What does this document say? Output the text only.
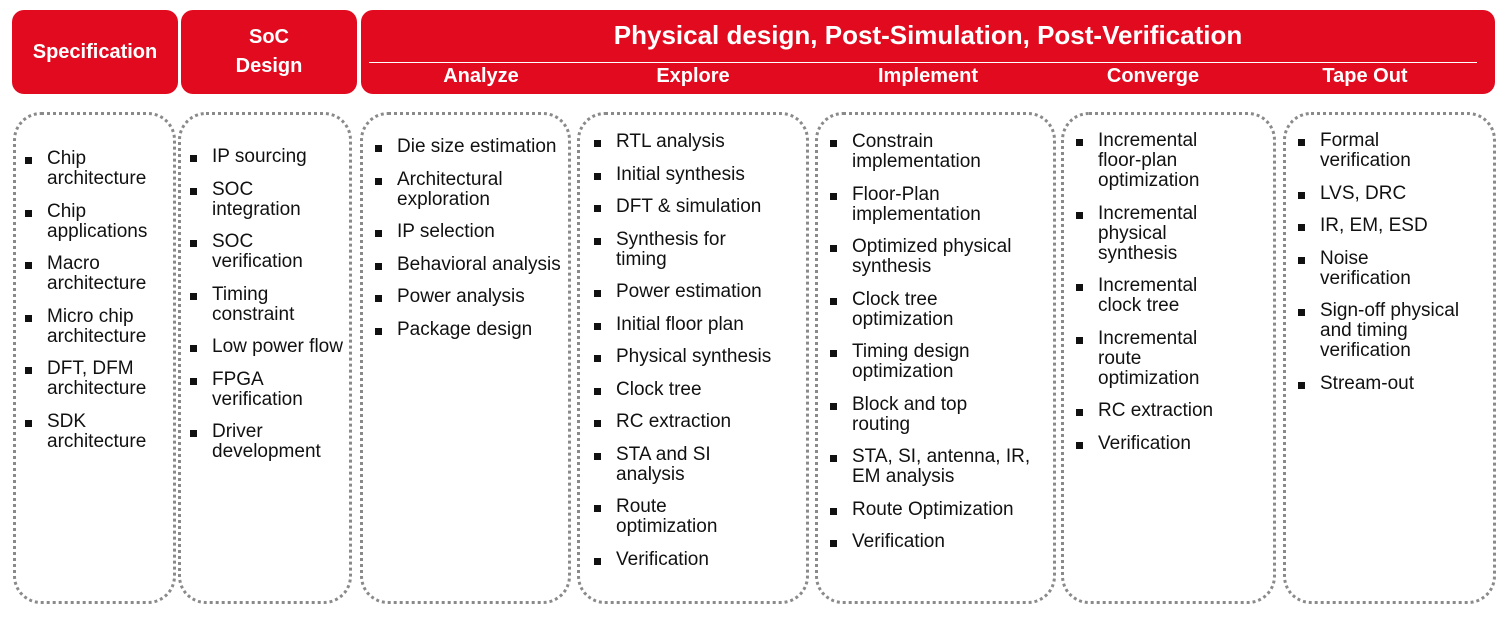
Specification
SoC
Design
Physical design, Post-Simulation, Post-Verification
Analyze	Explore	Implement	Converge	Tape Out
Chip architecture
Chip applications
Macro architecture
Micro chip architecture
DFT, DFM architecture
SDK architecture
IP sourcing
SOC integration
SOC verification
Timing constraint
Low power flow
FPGA verification
Driver development
Die size estimation
Architectural exploration
IP selection
Behavioral analysis
Power analysis
Package design
RTL analysis
Initial synthesis
DFT & simulation
Synthesis for timing
Power estimation
Initial floor plan
Physical synthesis
Clock tree
RC extraction
STA and SI analysis
Route optimization
Verification
Constrain implementation
Floor-Plan implementation
Optimized physical synthesis
Clock tree optimization
Timing design optimization
Block and top routing
STA, SI, antenna, IR, EM analysis
Route Optimization
Verification
Incremental floor-plan optimization
Incremental physical synthesis
Incremental clock tree
Incremental route optimization
RC extraction
Verification
Formal verification
LVS, DRC
IR, EM, ESD
Noise verification
Sign-off physical and timing verification
Stream-out
